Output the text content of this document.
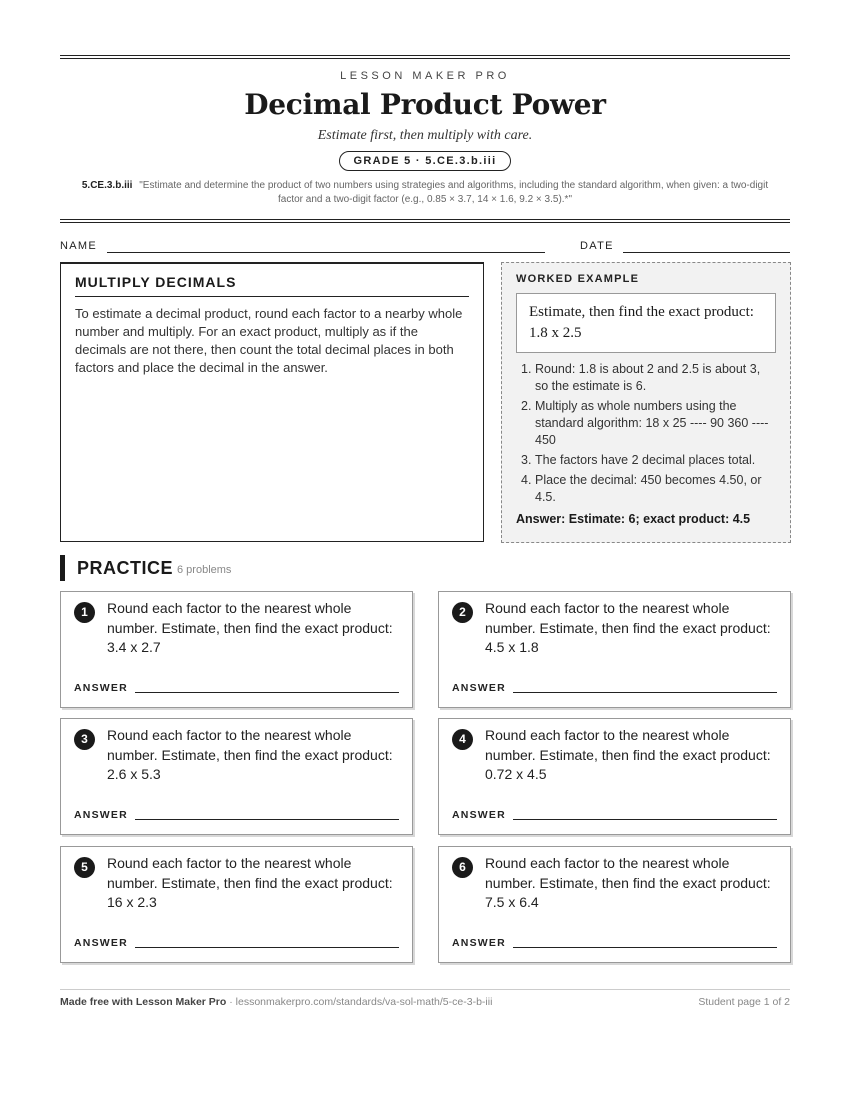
LESSON MAKER PRO
Decimal Product Power
Estimate first, then multiply with care.
GRADE 5 · 5.CE.3.b.iii
5.CE.3.b.iii "Estimate and determine the product of two numbers using strategies and algorithms, including the standard algorithm, when given: a two-digit factor and a two-digit factor (e.g., 0.85 × 3.7, 14 × 1.6, 9.2 × 3.5).*"
NAME	DATE
MULTIPLY DECIMALS
To estimate a decimal product, round each factor to a nearby whole number and multiply. For an exact product, multiply as if the decimals are not there, then count the total decimal places in both factors and place the decimal in the answer.
WORKED EXAMPLE
Estimate, then find the exact product: 1.8 x 2.5
1. Round: 1.8 is about 2 and 2.5 is about 3, so the estimate is 6.
2. Multiply as whole numbers using the standard algorithm: 18 x 25 ---- 90 360 ---- 450
3. The factors have 2 decimal places total.
4. Place the decimal: 450 becomes 4.50, or 4.5.
Answer: Estimate: 6; exact product: 4.5
PRACTICE 6 problems
1	Round each factor to the nearest whole number. Estimate, then find the exact product: 3.4 x 2.7
ANSWER
2	Round each factor to the nearest whole number. Estimate, then find the exact product: 4.5 x 1.8
ANSWER
3	Round each factor to the nearest whole number. Estimate, then find the exact product: 2.6 x 5.3
ANSWER
4	Round each factor to the nearest whole number. Estimate, then find the exact product: 0.72 x 4.5
ANSWER
5	Round each factor to the nearest whole number. Estimate, then find the exact product: 16 x 2.3
ANSWER
6	Round each factor to the nearest whole number. Estimate, then find the exact product: 7.5 x 6.4
ANSWER
Made free with Lesson Maker Pro · lessonmakerpro.com/standards/va-sol-math/5-ce-3-b-iii	Student page 1 of 2
